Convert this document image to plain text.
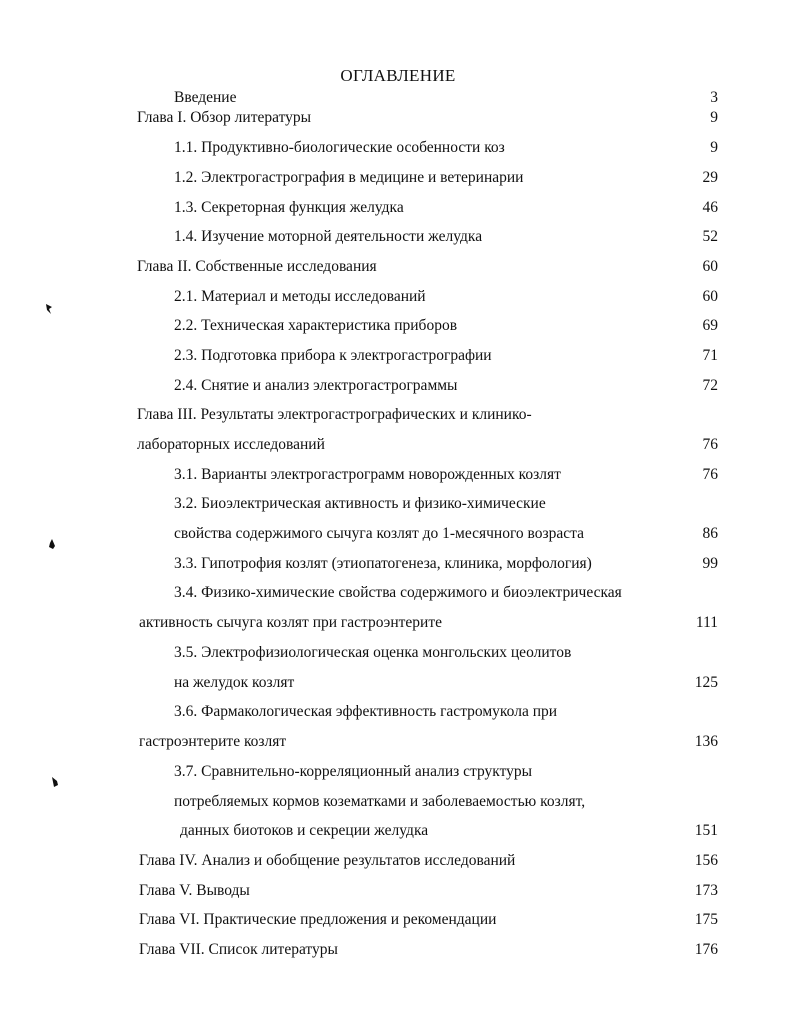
ОГЛАВЛЕНИЕ
Введение	3
Глава I. Обзор литературы	9
1.1. Продуктивно-биологические особенности коз	9
1.2. Электрогастрография в медицине и ветеринарии	29
1.3. Секреторная функция желудка	46
1.4. Изучение моторной деятельности желудка	52
Глава II. Собственные исследования	60
2.1. Материал и методы исследований	60
2.2. Техническая характеристика приборов	69
2.3. Подготовка прибора к электрогастрографии	71
2.4. Снятие и анализ электрогастрограммы	72
Глава III. Результаты электрогастрографических и клинико-
лабораторных исследований	76
3.1. Варианты электрогастрограмм новорожденных козлят	76
3.2. Биоэлектрическая активность и физико-химические
свойства содержимого сычуга козлят до 1-месячного возраста	86
3.3. Гипотрофия козлят (этиопатогенеза, клиника, морфология)	99
3.4. Физико-химические свойства содержимого и биоэлектрическая
активность сычуга козлят при гастроэнтерите	111
3.5. Электрофизиологическая оценка монгольских цеолитов
на желудок козлят	125
3.6. Фармакологическая эффективность гастромукола при
гастроэнтерите козлят	136
3.7. Сравнительно-корреляционный анализ структуры
потребляемых кормов козематками и заболеваемостью козлят,
данных биотоков и секреции желудка	151
Глава IV. Анализ и обобщение результатов исследований	156
Глава V. Выводы	173
Глава VI. Практические предложения и рекомендации	175
Глава VII. Список литературы	176
